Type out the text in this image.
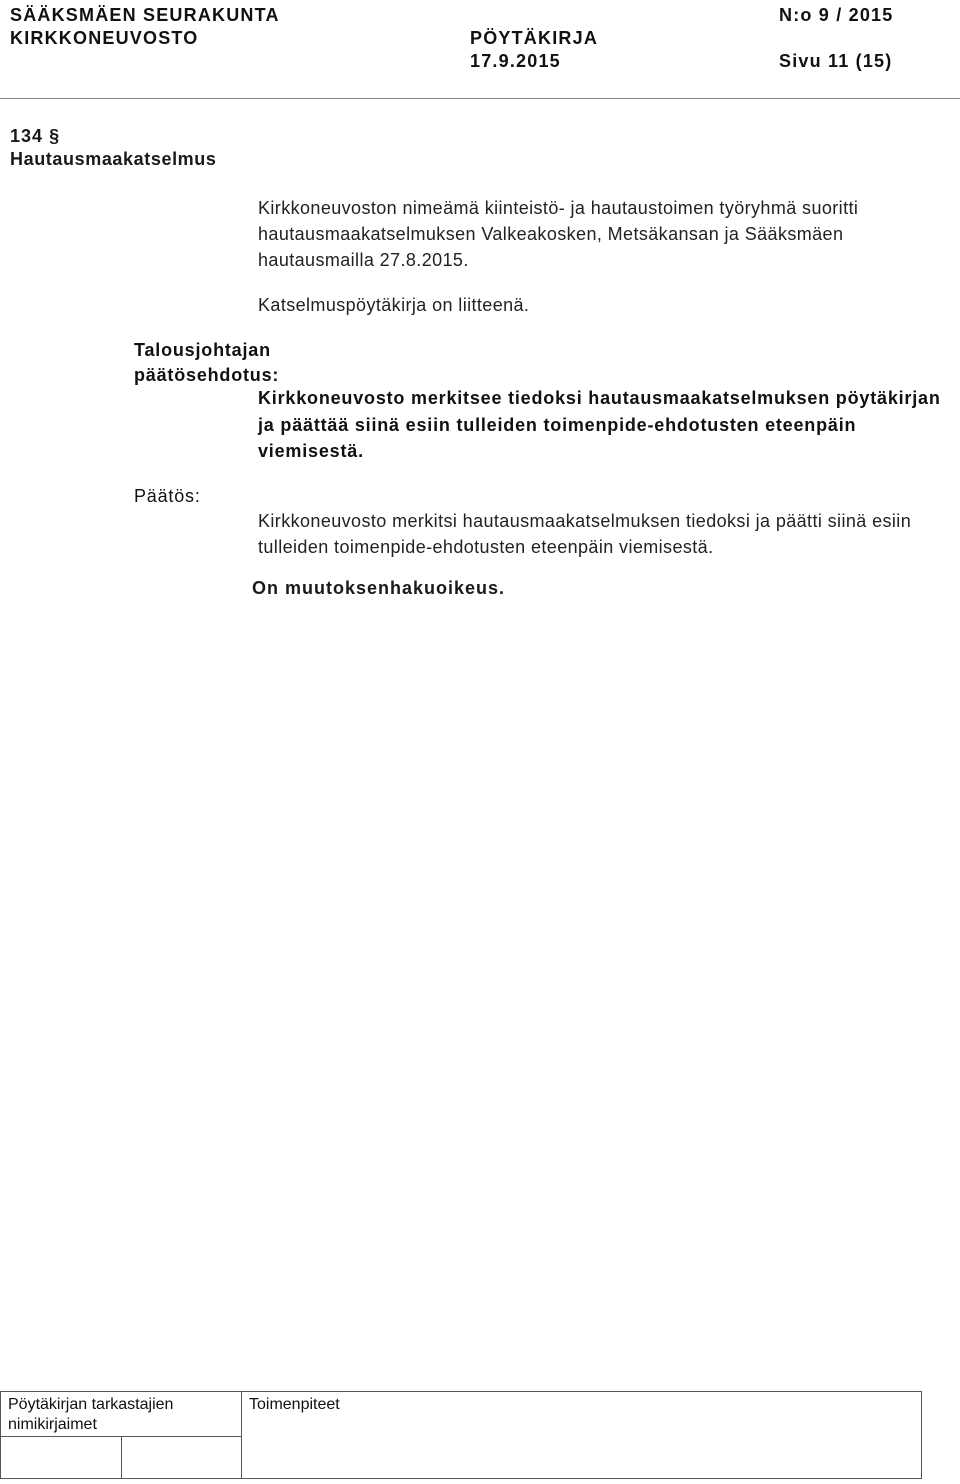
SÄÄKSMÄEN SEURAKUNTA
KIRKKONEUVOSTO	PÖYTÄKIRJA
17.9.2015
N:o 9 / 2015
Sivu 11 (15)
134 §
Hautausmaakatselmus
Kirkkoneuvoston nimeämä kiinteistö- ja hautaustoimen työryhmä suoritti hautausmaakatselmuksen Valkeakosken, Metsäkansan ja Sääksmäen hautausmailla 27.8.2015.
Katselmuspöytäkirja on liitteenä.
Talousjohtajan
päätösehdotus:
Kirkkoneuvosto merkitsee tiedoksi hautausmaakatselmuksen pöytäkirjan ja päättää siinä esiin tulleiden toimenpide-ehdotusten eteenpäin viemisestä.
Päätös:
Kirkkoneuvosto merkitsi hautausmaakatselmuksen tiedoksi ja päätti siinä esiin tulleiden toimenpide-ehdotusten eteenpäin viemisestä.
On muutoksenhakuoikeus.
Pöytäkirjan tarkastajien nimikirjaimet
Toimenpiteet
